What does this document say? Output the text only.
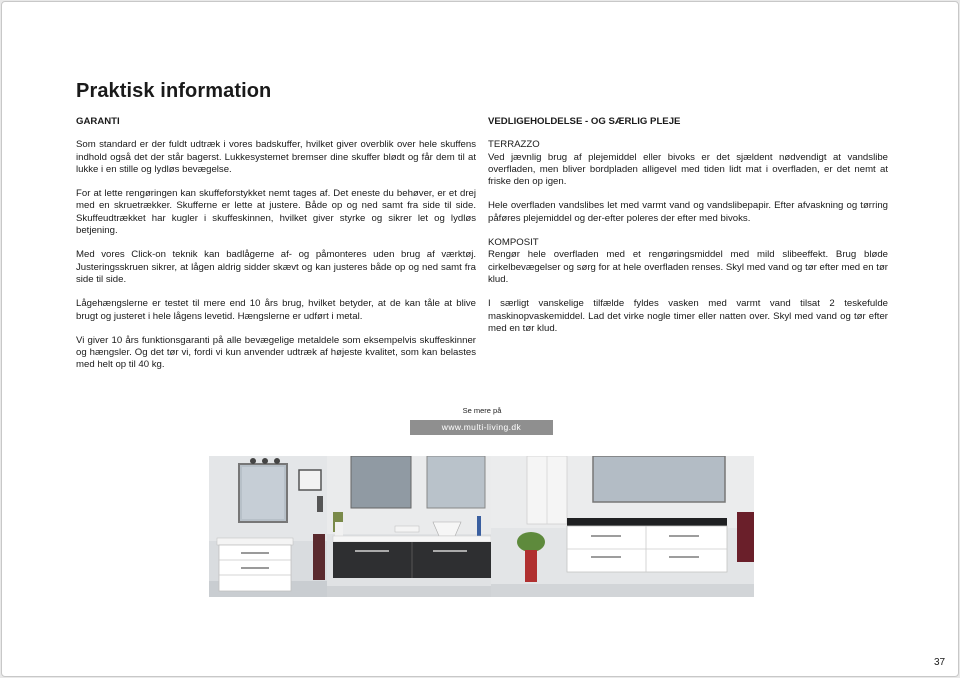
Praktisk information
GARANTI

Som standard er der fuldt udtræk i vores badskuffer, hvilket giver overblik over hele skuffens indhold også det der står bagerst. Lukkesystemet bremser dine skuffer blødt og får dem til at lukke i en stille og lydløs bevægelse.

For at lette rengøringen kan skuffeforstykket nemt tages af. Det eneste du behøver, er et drej med en skruetrækker. Skufferne er lette at justere. Både op og ned samt fra side til side. Skuffeudtrækket har kugler i skuffeskinnen, hvilket giver styrke og sikrer let og lydløs betjening.

Med vores Click-on teknik kan badlågerne af- og påmonteres uden brug af værktøj. Justeringsskruen sikrer, at lågen aldrig sidder skævt og kan justeres både op og ned samt fra side til side.

Lågehængslerne er testet til mere end 10 års brug, hvilket betyder, at de kan tåle at blive brugt og justeret i hele lågens levetid. Hængslerne er udført i metal.

Vi giver 10 års funktionsgaranti på alle bevægelige metaldele som eksempelvis skuffeskinner og hængsler. Og det tør vi, fordi vi kun anvender udtræk af højeste kvalitet, som kan belastes med helt op til 40 kg.

VEDLIGEHOLDELSE - OG SÆRLIG PLEJE
TERRAZZO

Ved jævnlig brug af plejemiddel eller bivoks er det sjældent nødvendigt at vandslibe overfladen, men bliver bordpladen alligevel med tiden lidt mat i overfladen, er det nemt at friske den op igen.

Hele overfladen vandslibes let med varmt vand og vandslibepapir. Efter afvaskning og tørring påføres plejemiddel og der-efter poleres der efter med bivoks.

KOMPOSIT

Rengør hele overfladen med et rengøringsmiddel med mild slibeeffekt. Brug bløde cirkelbevægelser og sørg for at hele overfladen renses. Skyl med vand og tør efter med en tør klud.

I særligt vanskelige tilfælde fyldes vasken med varmt vand tilsat 2 teskefulde maskinopvaskemiddel. Lad det virke nogle timer eller natten over. Skyl med vand og tør efter med en tør klud.

Se mere på
www.multi-living.dk
37
